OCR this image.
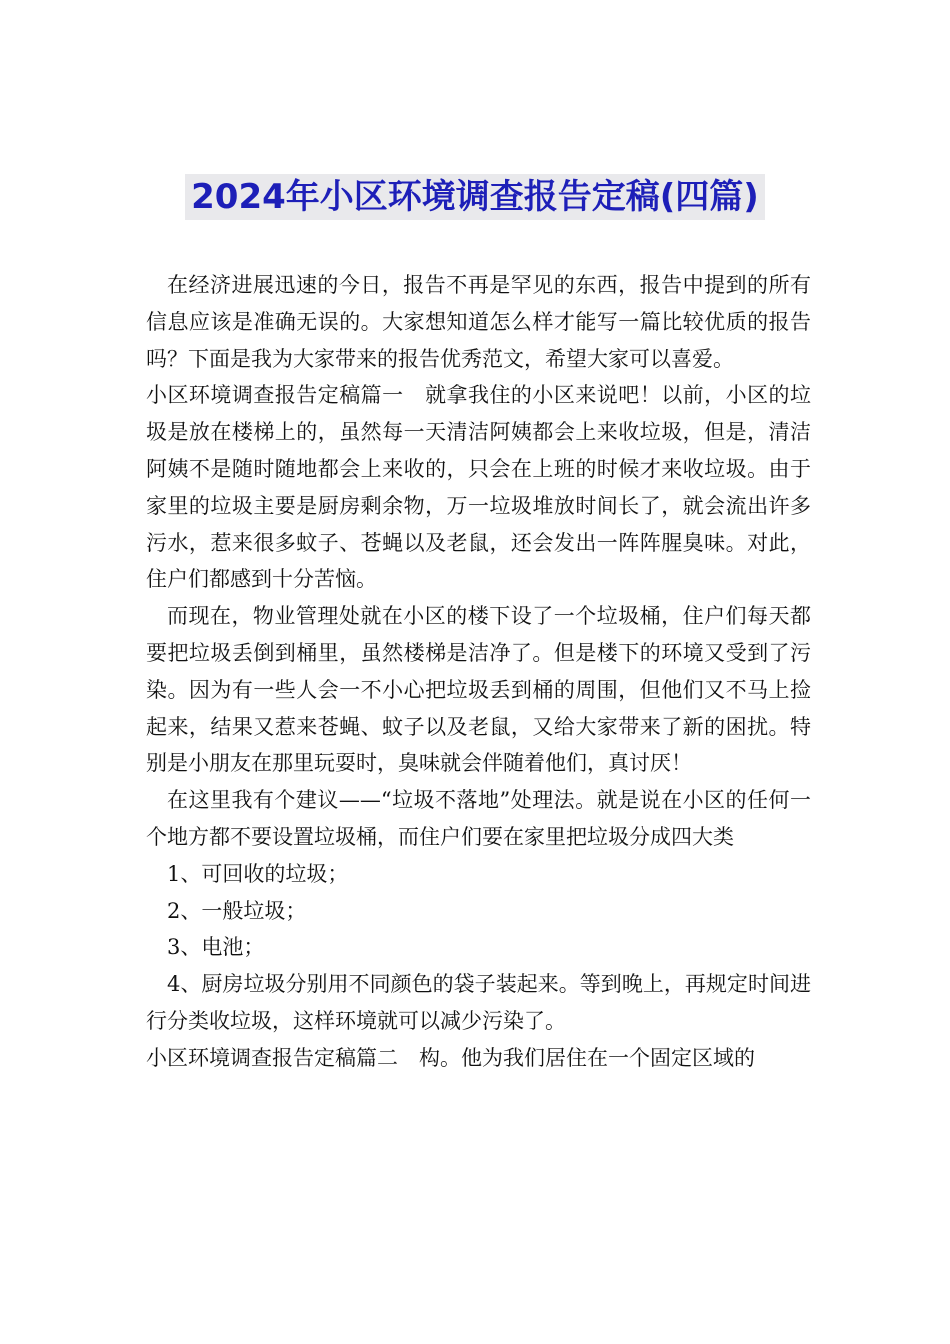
2024年小区环境调查报告定稿(四篇)

在经济进展迅速的今日，报告不再是罕见的东西，报告中提到的所有信息应该是准确无误的。大家想知道怎么样才能写一篇比较优质的报告吗？下面是我为大家带来的报告优秀范文，希望大家可以喜爱。

小区环境调查报告定稿篇一　就拿我住的小区来说吧！以前，小区的垃圾是放在楼梯上的，虽然每一天清洁阿姨都会上来收垃圾，但是，清洁阿姨不是随时随地都会上来收的，只会在上班的时候才来收垃圾。由于家里的垃圾主要是厨房剩余物，万一垃圾堆放时间长了，就会流出许多污水，惹来很多蚊子、苍蝇以及老鼠，还会发出一阵阵腥臭味。对此，住户们都感到十分苦恼。

而现在，物业管理处就在小区的楼下设了一个垃圾桶，住户们每天都要把垃圾丢倒到桶里，虽然楼梯是洁净了。但是楼下的环境又受到了污染。因为有一些人会一不小心把垃圾丢到桶的周围，但他们又不马上捡起来，结果又惹来苍蝇、蚊子以及老鼠，又给大家带来了新的困扰。特别是小朋友在那里玩耍时，臭味就会伴随着他们，真讨厌！

在这里我有个建议——“垃圾不落地”处理法。就是说在小区的任何一个地方都不要设置垃圾桶，而住户们要在家里把垃圾分成四大类

1、可回收的垃圾；

2、一般垃圾；

3、电池；

4、厨房垃圾分别用不同颜色的袋子装起来。等到晚上，再规定时间进行分类收垃圾，这样环境就可以减少污染了。

小区环境调查报告定稿篇二　构。他为我们居住在一个固定区域的
